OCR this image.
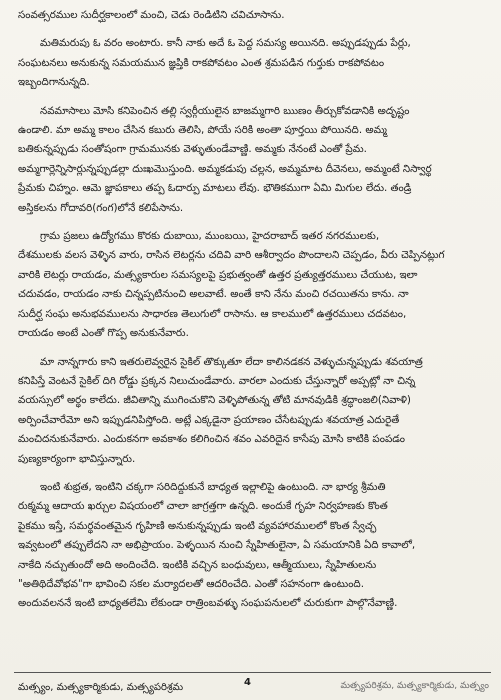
సంవత్సరముల సుదీర్ఘకాలంలో మంచి, చెడు రెండిటిని చవిచూసాను.
మతిమరుపు ఓ వరం అంటారు. కానీ నాకు అదే ఓ పెద్ద సమస్య అయినది. అప్పుడప్పుడు పేర్లు,
సంఘటనలు అనుకున్న సమయమున జ్ఞప్తికి రాకపోవటం ఎంత శ్రమపడిన గుర్తుకు రాకపోవటం
ఇబ్బందిగానున్నది.
నవమాసాలు మోసి కనిపెంచిన తల్లి స్వర్గీయులైన బాజమ్మగారి ఋణం తీర్చుకోవడానికి అదృష్టం
ఉండాలి. మా అమ్మ కాలం చేసిన కబురు తెలిసి, పోయే సరికి అంతా పూర్తయి పోయినది. అమ్మ
బతికున్నప్పుడు సంతోషంగా గ్రామమునకు వెళ్ళుతుండేవాణ్ణి. అమ్మకు నేనంటే ఎంతో ప్రేమ.
అమ్మగార్లెన్నిసార్లున్నప్పుడల్లా దుఃఖమొస్తుంది. అమ్మకడుపు చల్లన, అమ్మమాట దీవెనలు, అమ్మంటే నిస్వార్థ
ప్రేమకు చిహ్నం. ఆమె జ్ఞాపకాలు తప్ప ఓదార్పు మాటలు లేవు. భౌతికముగా ఏమి మిగుల లేదు. తండ్రి
అస్తికలను గోదావరి(గంగ)లోనే కలిపేసాను.
గ్రామ ప్రజలు ఉద్యోగము కొరకు దుబాయి, ముంబయి, హైదరాబాద్ ఇతర నగరములకు,
దేశములకు వలస వెళ్ళిన వారు, రాసిన లెటర్లను చదివి వారి ఆశీర్వాదం పొందాలని చెప్పడం, వీరు చెప్పినట్లుగ
వారికి లెటర్లు రాయడం, మత్స్యకారుల సమస్యలపై ప్రభుత్వంతో ఉత్తర ప్రత్యుత్తరములు చేయుట, ఇలా
చదువడం, రాయడం నాకు చిన్నప్పటినుంచి అలవాటే. అంతే కాని నేను మంచి రచయితను కాను. నా
సుదీర్ఘ సంఘ అనుభవములను సాధారణ తెలుగులో రాసాను. ఆ కాలములో ఉత్తరములు చదవటం,
రాయడం అంటే ఎంతో గొప్ప అనుకునేవారు.
మా నాన్నగారు కాని ఇతరులెవ్వరైన సైకిల్ తొక్కుతూ లేదా కాలినడకన వెళ్ళుచున్నప్పుడు శవయాత్ర
కనిపిస్తే వెంటనే సైకిల్ దిగి రోడ్డు ప్రక్కన నిలుచుండేవారు. వారలా ఎందుకు చేస్తున్నారో అప్పట్లో నా చిన్న
వయస్సులో అర్థం కాలేదు. జీవితాన్ని ముగించుకొని వెళ్ళిపోతున్న తోటి మానవుడికి శ్రద్ధాంజలి(నివాళి)
అర్పించేవారేమో అని ఇప్పుడనిపిస్తోంది. అట్లే ఎక్కడైనా ప్రయాణం చేసేటప్పుడు శవయాత్ర ఎదురైతే
మంచిదనుకునేవారు. ఎందుకనగా అవకాశం కలిగించిన శవం ఎవరిదైన కాసేపు మోసి కాటికి పంపడం
పుణ్యకార్యంగా భావిస్తున్నారు.
ఇంటి శుభ్రత, ఇంటిని చక్కగా సరిదిద్దుకునే బాధ్యత ఇల్లాలిపై ఉంటుంది. నా భార్య శ్రీమతి
రుక్మమ్మ ఆదాయ ఖర్చుల విషయంలో చాలా జాగ్రత్తగా ఉన్నది. అందుకే గృహ నిర్వహణకు కొంత
పైకము ఇస్తే, సమర్థవంతమైన గృహిణి అనుకున్నప్పుడు ఇంటి వ్యవహారములలో కొంత స్వేచ్ఛ
ఇవ్వటంలో తప్పులేదని నా అభిప్రాయం. పెళ్ళయిన నుంచి స్నేహితులైనా, ఏ సమయానికి ఏది కావాలో,
నాకేది నచ్చుతుందో అది అందించేది. ఇంటికి వచ్చిన బంధువులు, ఆత్మీయులు, స్నేహితులను
"అతిథిదేవోభవ"గా భావించి సకల మర్యాదలతో ఆదరించేది. ఎంతో సహనంగా ఉంటుంది.
అందువలననే ఇంటి బాధ్యతలేమి లేకుండా రాత్రింబవళ్ళు సంఘపనులలో చురుకుగా పాల్గొనేవాణ్ణి.
మత్స్యం, మత్స్యకార్మికుడు, మత్స్యపరిశ్రమ	4	మత్స్యపరిశ్రమ, మత్స్యకార్మికుడు, మత్స్యం
